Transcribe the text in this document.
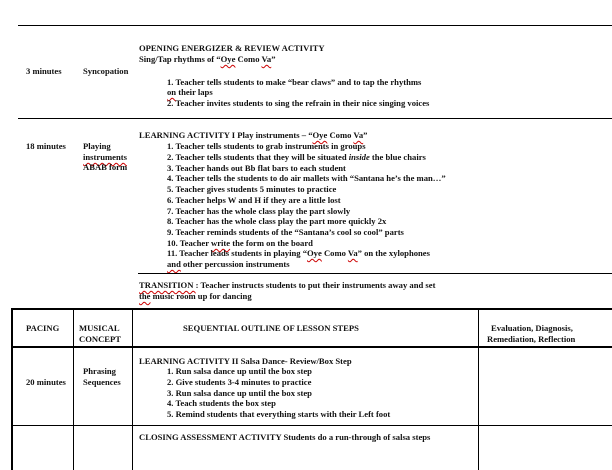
3 minutes Syncopation
OPENING ENERGIZER & REVIEW ACTIVITY
Sing/Tap rhythms of “Oye Como Va”
1. Teacher tells students to make “bear claws” and to tap the rhythms
on their laps
2. Teacher invites students to sing the refrain in their nice singing voices
18 minutes Playing
instruments
ABAB form
LEARNING ACTIVITY I Play instruments – “Oye Como Va”
1. Teacher tells students to grab instruments in groups
2. Teacher tells students that they will be situated inside the blue chairs
3. Teacher hands out Bb flat bars to each student
4. Teacher tells the students to do air mallets with “Santana he’s the man…”
5. Teacher gives students 5 minutes to practice
6. Teacher helps W and H if they are a little lost
7. Teacher has the whole class play the part slowly
8. Teacher has the whole class play the part more quickly 2x
9. Teacher reminds students of the “Santana’s cool so cool” parts
10. Teacher write the form on the board
11. Teacher leads students in playing “Oye Como Va” on the xylophones
and other percussion instruments
TRANSITION : Teacher instructs students to put their instruments away and set
the music room up for dancing
PACING MUSICAL
CONCEPT
SEQUENTIAL OUTLINE OF LESSON STEPS	Evaluation, Diagnosis,
Remediation, Reflection
20 minutes
Phrasing
Sequences
LEARNING ACTIVITY II Salsa Dance- Review/Box Step
1. Run salsa dance up until the box step
2. Give students 3-4 minutes to practice
3. Run salsa dance up until the box step
4. Teach students the box step
5. Remind students that everything starts with their Left foot
CLOSING ASSESSMENT ACTIVITY Students do a run-through of salsa steps
